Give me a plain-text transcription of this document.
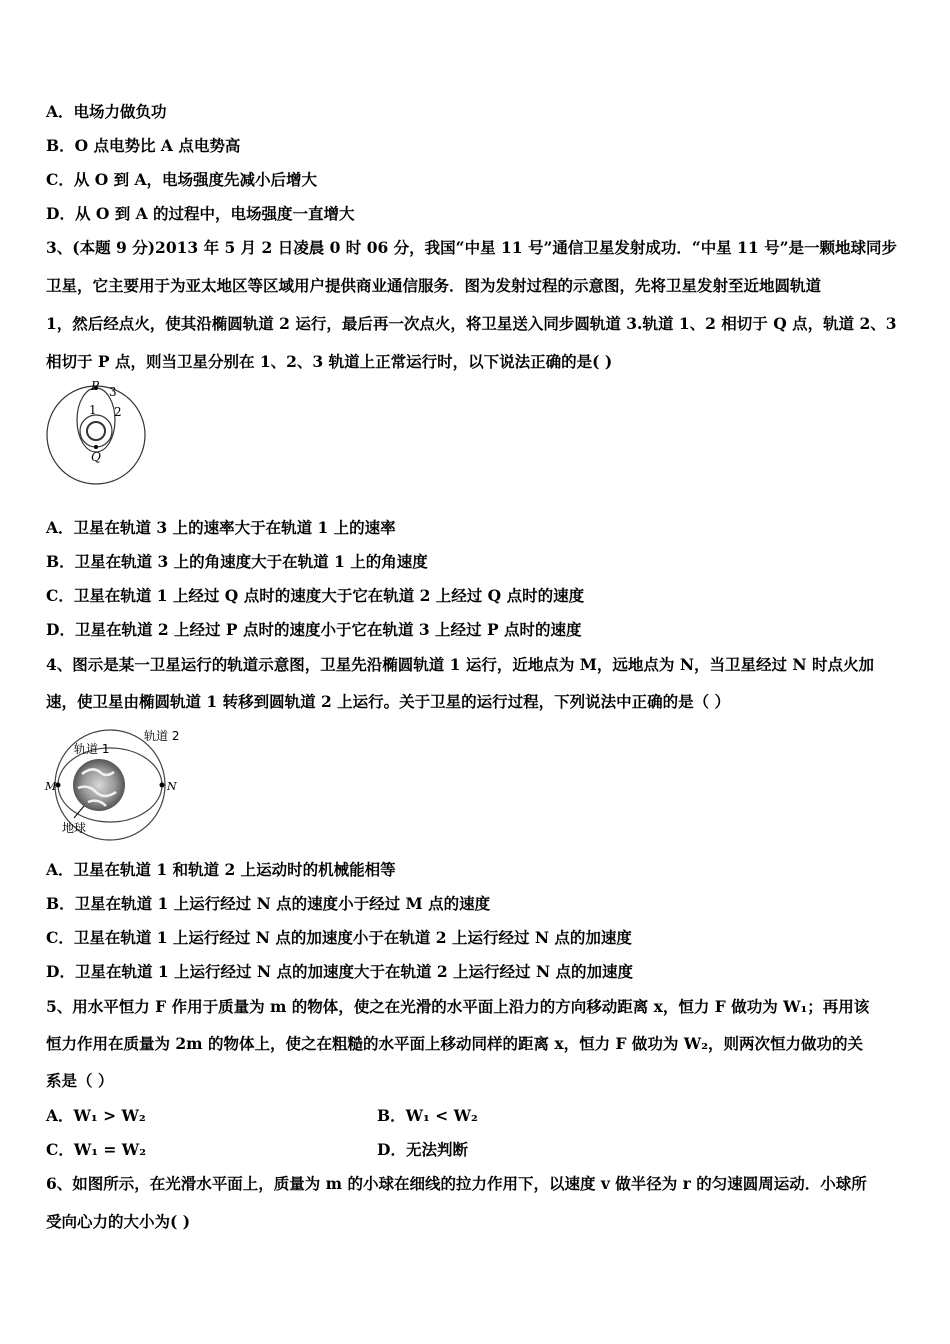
A．电场力做负功
B．O 点电势比 A 点电势高
C．从 O 到 A，电场强度先减小后增大
D．从 O 到 A 的过程中，电场强度一直增大
3、(本题 9 分)2013 年 5 月 2 日凌晨 0 时 06 分，我国“中星 11 号”通信卫星发射成功．“中星 11 号”是一颗地球同步
卫星，它主要用于为亚太地区等区域用户提供商业通信服务．图为发射过程的示意图，先将卫星发射至近地圆轨道
1，然后经点火，使其沿椭圆轨道 2 运行，最后再一次点火，将卫星送入同步圆轨道 3.轨道 1、2 相切于 Q 点，轨道 2、3
相切于 P 点，则当卫星分别在 1、2、3 轨道上正常运行时，以下说法正确的是( )
P 3
1 2
Q
A．卫星在轨道 3 上的速率大于在轨道 1 上的速率
B．卫星在轨道 3 上的角速度大于在轨道 1 上的角速度
C．卫星在轨道 1 上经过 Q 点时的速度大于它在轨道 2 上经过 Q 点时的速度
D．卫星在轨道 2 上经过 P 点时的速度小于它在轨道 3 上经过 P 点时的速度
4、图示是某一卫星运行的轨道示意图，卫星先沿椭圆轨道 1 运行，近地点为 M，远地点为 N，当卫星经过 N 时点火加
速，使卫星由椭圆轨道 1 转移到圆轨道 2 上运行。关于卫星的运行过程，下列说法中正确的是（ ）
轨道 1
轨道 2
M	N
地球
A．卫星在轨道 1 和轨道 2 上运动时的机械能相等
B．卫星在轨道 1 上运行经过 N 点的速度小于经过 M 点的速度
C．卫星在轨道 1 上运行经过 N 点的加速度小于在轨道 2 上运行经过 N 点的加速度
D．卫星在轨道 1 上运行经过 N 点的加速度大于在轨道 2 上运行经过 N 点的加速度
5、用水平恒力 F 作用于质量为 m 的物体，使之在光滑的水平面上沿力的方向移动距离 x，恒力 F 做功为 W₁；再用该
恒力作用在质量为 2m 的物体上，使之在粗糙的水平面上移动同样的距离 x，恒力 F 做功为 W₂，则两次恒力做功的关
系是（ ）
A．W₁ > W₂	B．W₁ < W₂
C．W₁ = W₂	D．无法判断
6、如图所示，在光滑水平面上，质量为 m 的小球在细线的拉力作用下，以速度 v 做半径为 r 的匀速圆周运动．小球所
受向心力的大小为( )
